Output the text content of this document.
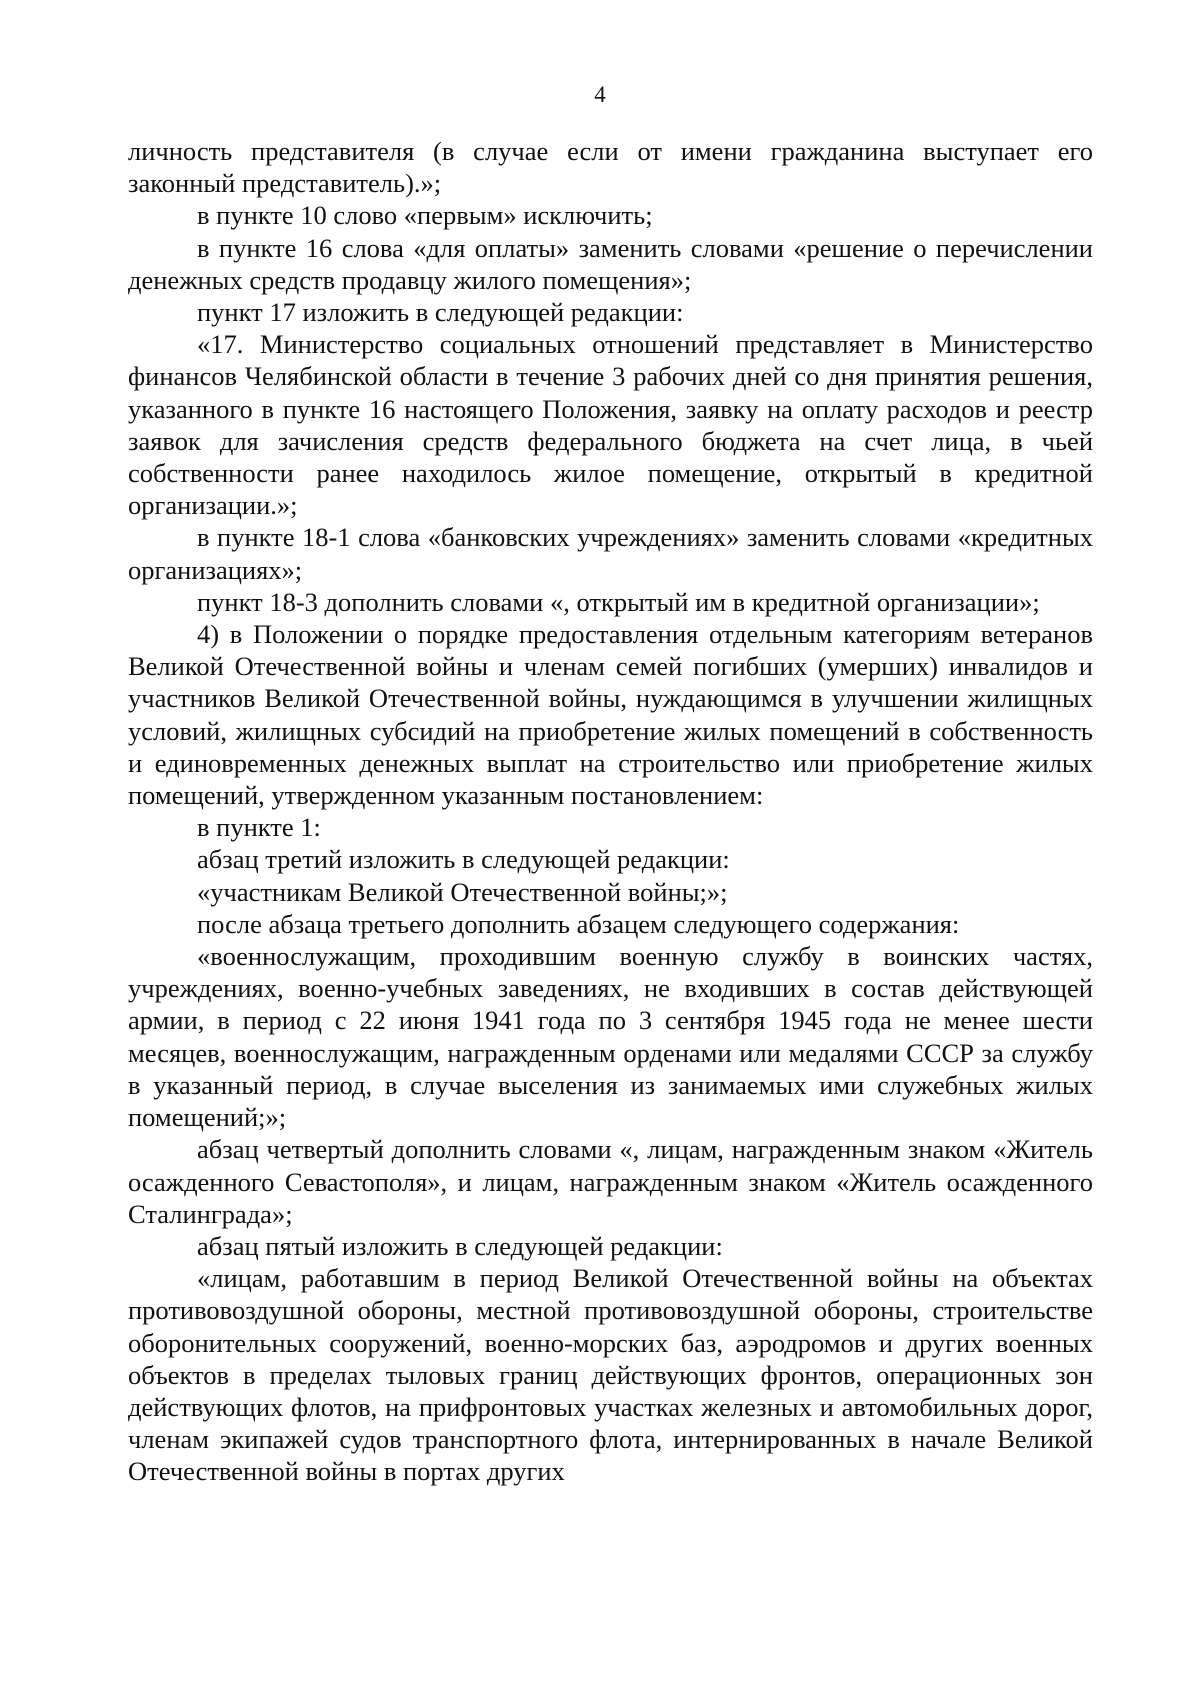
4

личность представителя (в случае если от имени гражданина выступает его законный представитель).»;

в пункте 10 слово «первым» исключить;

в пункте 16 слова «для оплаты» заменить словами «решение о перечислении денежных средств продавцу жилого помещения»;

пункт 17 изложить в следующей редакции:

«17. Министерство социальных отношений представляет в Министерство финансов Челябинской области в течение 3 рабочих дней со дня принятия решения, указанного в пункте 16 настоящего Положения, заявку на оплату расходов и реестр заявок для зачисления средств федерального бюджета на счет лица, в чьей собственности ранее находилось жилое помещение, открытый в кредитной организации.»;

в пункте 18-1 слова «банковских учреждениях» заменить словами «кредитных организациях»;

пункт 18-3 дополнить словами «, открытый им в кредитной организации»;

4) в Положении о порядке предоставления отдельным категориям ветеранов Великой Отечественной войны и членам семей погибших (умерших) инвалидов и участников Великой Отечественной войны, нуждающимся в улучшении жилищных условий, жилищных субсидий на приобретение жилых помещений в собственность и единовременных денежных выплат на строительство или приобретение жилых помещений, утвержденном указанным постановлением:

в пункте 1:

абзац третий изложить в следующей редакции:

«участникам Великой Отечественной войны;»;

после абзаца третьего дополнить абзацем следующего содержания:

«военнослужащим, проходившим военную службу в воинских частях, учреждениях, военно-учебных заведениях, не входивших в состав действующей армии, в период с 22 июня 1941 года по 3 сентября 1945 года не менее шести месяцев, военнослужащим, награжденным орденами или медалями СССР за службу в указанный период, в случае выселения из занимаемых ими служебных жилых помещений;»;

абзац четвертый дополнить словами «, лицам, награжденным знаком «Житель осажденного Севастополя», и лицам, награжденным знаком «Житель осажденного Сталинграда»;

абзац пятый изложить в следующей редакции:

«лицам, работавшим в период Великой Отечественной войны на объектах противовоздушной обороны, местной противовоздушной обороны, строительстве оборонительных сооружений, военно-морских баз, аэродромов и других военных объектов в пределах тыловых границ действующих фронтов, операционных зон действующих флотов, на прифронтовых участках железных и автомобильных дорог, членам экипажей судов транспортного флота, интернированных в начале Великой Отечественной войны в портах других
